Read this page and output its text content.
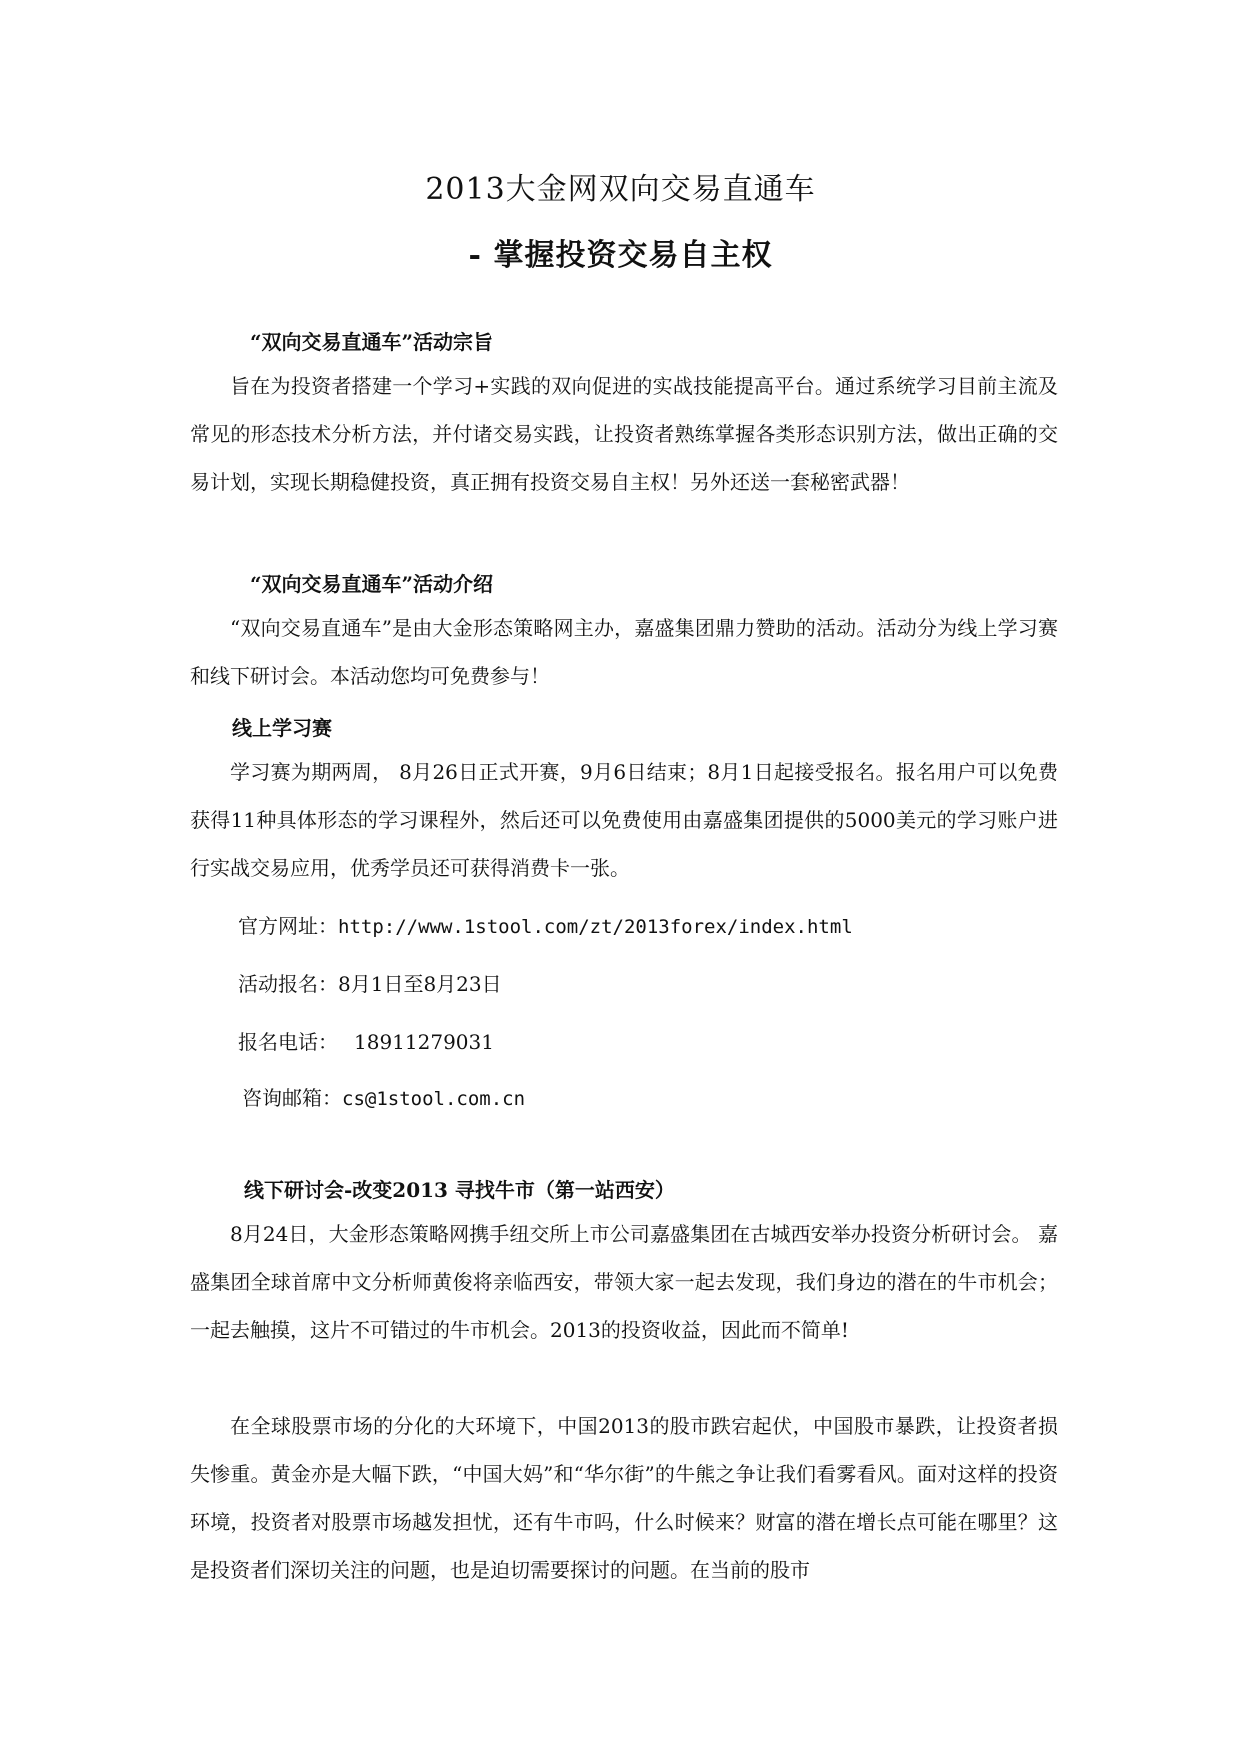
2013大金网双向交易直通车
- 掌握投资交易自主权
“双向交易直通车”活动宗旨
旨在为投资者搭建一个学习+实践的双向促进的实战技能提高平台。通过系统学习目前主流及常见的形态技术分析方法，并付诸交易实践，让投资者熟练掌握各类形态识别方法，做出正确的交易计划，实现长期稳健投资，真正拥有投资交易自主权！另外还送一套秘密武器！
“双向交易直通车”活动介绍
“双向交易直通车”是由大金形态策略网主办，嘉盛集团鼎力赞助的活动。活动分为线上学习赛和线下研讨会。本活动您均可免费参与！
线上学习赛
学习赛为期两周， 8月26日正式开赛，9月6日结束；8月1日起接受报名。报名用户可以免费获得11种具体形态的学习课程外，然后还可以免费使用由嘉盛集团提供的5000美元的学习账户进行实战交易应用，优秀学员还可获得消费卡一张。
官方网址：http://www.1stool.com/zt/2013forex/index.html
活动报名：8月1日至8月23日
报名电话： 18911279031
咨询邮箱：cs@1stool.com.cn
线下研讨会-改变2013 寻找牛市（第一站西安）
8月24日，大金形态策略网携手纽交所上市公司嘉盛集团在古城西安举办投资分析研讨会。 嘉盛集团全球首席中文分析师黄俊将亲临西安，带领大家一起去发现，我们身边的潜在的牛市机会；一起去触摸，这片不可错过的牛市机会。2013的投资收益，因此而不简单!
在全球股票市场的分化的大环境下，中国2013的股市跌宕起伏，中国股市暴跌，让投资者损失惨重。黄金亦是大幅下跌，“中国大妈”和“华尔街”的牛熊之争让我们看雾看风。面对这样的投资环境，投资者对股票市场越发担忧，还有牛市吗，什么时候来？财富的潜在增长点可能在哪里？这是投资者们深切关注的问题，也是迫切需要探讨的问题。在当前的股市
